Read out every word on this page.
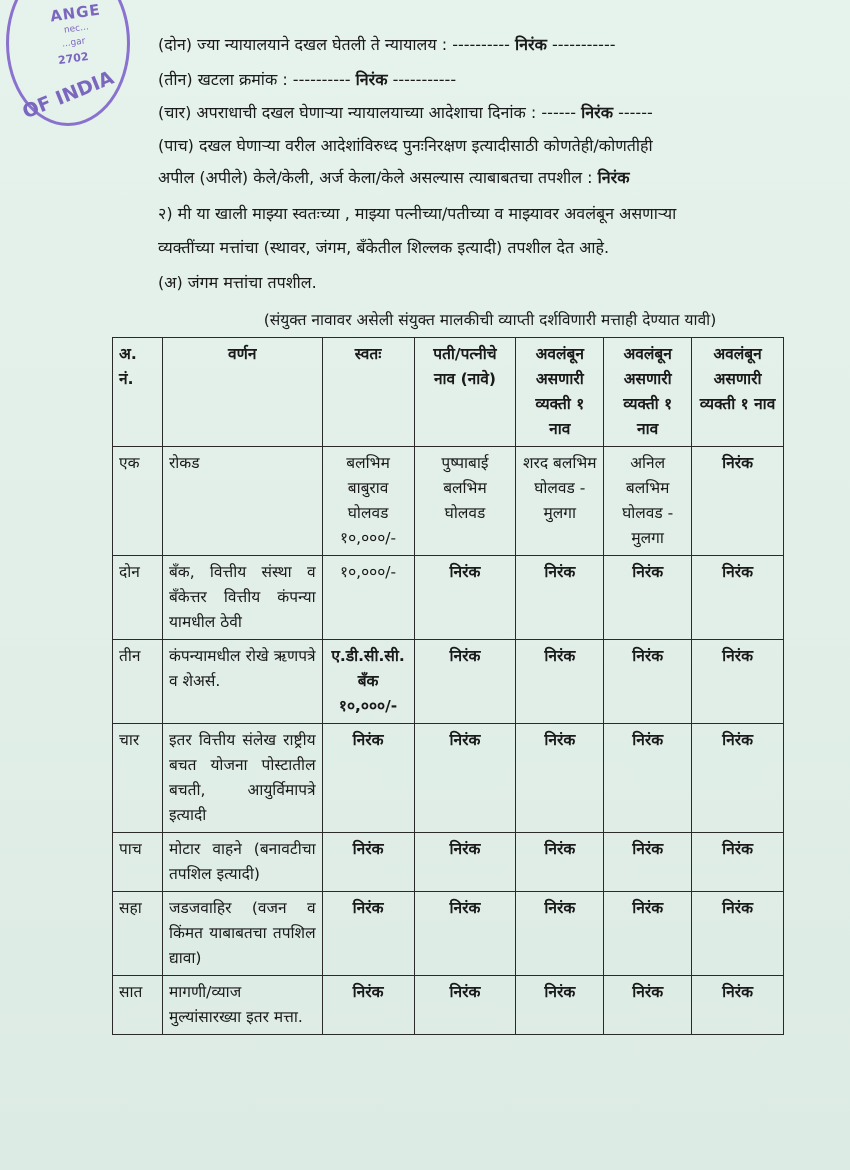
ANGE
nec...
...gar
2702
OF INDIA
(दोन) ज्या न्यायालयाने दखल घेतली ते न्यायालय : ---------- निरंक -----------
(तीन) खटला क्रमांक : ---------- निरंक -----------
(चार) अपराधाची दखल घेणाऱ्या न्यायालयाच्या आदेशाचा दिनांक : ------ निरंक ------
(पाच) दखल घेणाऱ्या वरील आदेशांविरुध्द पुनःनिरक्षण इत्यादीसाठी कोणतेही/कोणतीही
अपील (अपीले) केले/केली, अर्ज केला/केले असल्यास त्याबाबतचा तपशील : निरंक
२) मी या खाली माझ्या स्वतःच्या , माझ्या पत्नीच्या/पतीच्या व माझ्यावर अवलंबून असणाऱ्या
व्यक्तींच्या मत्तांचा (स्थावर, जंगम, बँकेतील शिल्लक इत्यादी) तपशील देत आहे.
(अ) जंगम मत्तांचा तपशील.
(संयुक्त नावावर असेली संयुक्त मालकीची व्याप्ती दर्शविणारी मत्ताही देण्यात यावी)
अ. नं.	वर्णन	स्वतः	पती/पत्नीचे नाव (नावे)	अवलंबून असणारी व्यक्ती १ नाव	अवलंबून असणारी व्यक्ती १ नाव	अवलंबून असणारी व्यक्ती १ नाव
एक	रोकड	बलभिम बाबुराव घोलवड १०,०००/-	पुष्पाबाई बलभिम घोलवड	शरद बलभिम घोलवड - मुलगा	अनिल बलभिम घोलवड - मुलगा	निरंक
दोन	बँक, वित्तीय संस्था व बँकेत्तर वित्तीय कंपन्या यामधील ठेवी	१०,०००/-	निरंक	निरंक	निरंक	निरंक
तीन	कंपन्यामधील रोखे ऋणपत्रे व शेअर्स.	ए.डी.सी.सी. बँक १०,०००/-	निरंक	निरंक	निरंक	निरंक
चार	इतर वित्तीय संलेख राष्ट्रीय बचत योजना पोस्टातील बचती, आयुर्विमापत्रे इत्यादी	निरंक	निरंक	निरंक	निरंक	निरंक
पाच	मोटार वाहने (बनावटीचा तपशिल इत्यादी)	निरंक	निरंक	निरंक	निरंक	निरंक
सहा	जडजवाहिर (वजन व किंमत याबाबतचा तपशिल द्यावा)	निरंक	निरंक	निरंक	निरंक	निरंक
सात	मागणी/व्याज मुल्यांसारख्या इतर मत्ता.	निरंक	निरंक	निरंक	निरंक	निरंक
